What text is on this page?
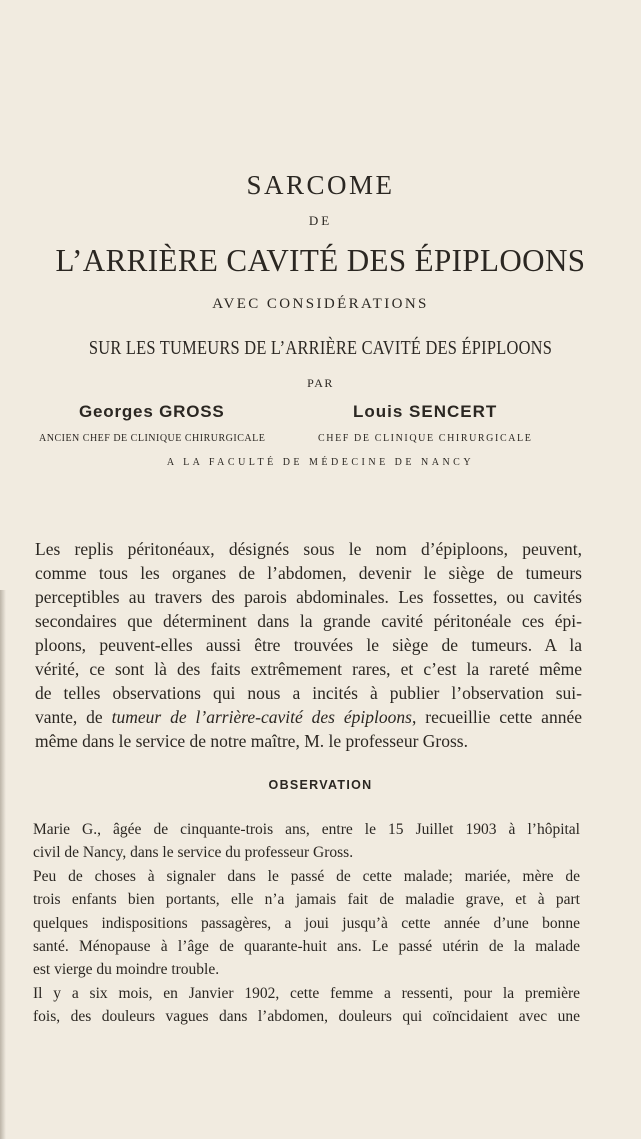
SARCOME
DE
L’ARRIÈRE CAVITÉ DES ÉPIPLOONS
AVEC CONSIDÉRATIONS
SUR LES TUMEURS DE L’ARRIÈRE CAVITÉ DES ÉPIPLOONS
PAR
Georges GROSS	Louis SENCERT
ANCIEN CHEF DE CLINIQUE CHIRURGICALE	CHEF DE CLINIQUE CHIRURGICALE
A LA FACULTÉ DE MÉDECINE DE NANCY
Les replis péritonéaux, désignés sous le nom d’épiploons, peuvent,
comme tous les organes de l’abdomen, devenir le siège de tumeurs
perceptibles au travers des parois abdominales. Les fossettes, ou cavités
secondaires que déterminent dans la grande cavité péritonéale ces épi-
ploons, peuvent-elles aussi être trouvées le siège de tumeurs. A la
vérité, ce sont là des faits extrêmement rares, et c’est la rareté même
de telles observations qui nous a incités à publier l’observation sui-
vante, de tumeur de l’arrière-cavité des épiploons, recueillie cette année
même dans le service de notre maître, M. le professeur Gross.
OBSERVATION
Marie G., âgée de cinquante-trois ans, entre le 15 Juillet 1903 à l’hôpital
civil de Nancy, dans le service du professeur Gross.
Peu de choses à signaler dans le passé de cette malade; mariée, mère de
trois enfants bien portants, elle n’a jamais fait de maladie grave, et à part
quelques indispositions passagères, a joui jusqu’à cette année d’une bonne
santé. Ménopause à l’âge de quarante-huit ans. Le passé utérin de la malade
est vierge du moindre trouble.
Il y a six mois, en Janvier 1902, cette femme a ressenti, pour la première
fois, des douleurs vagues dans l’abdomen, douleurs qui coïncidaient avec une
